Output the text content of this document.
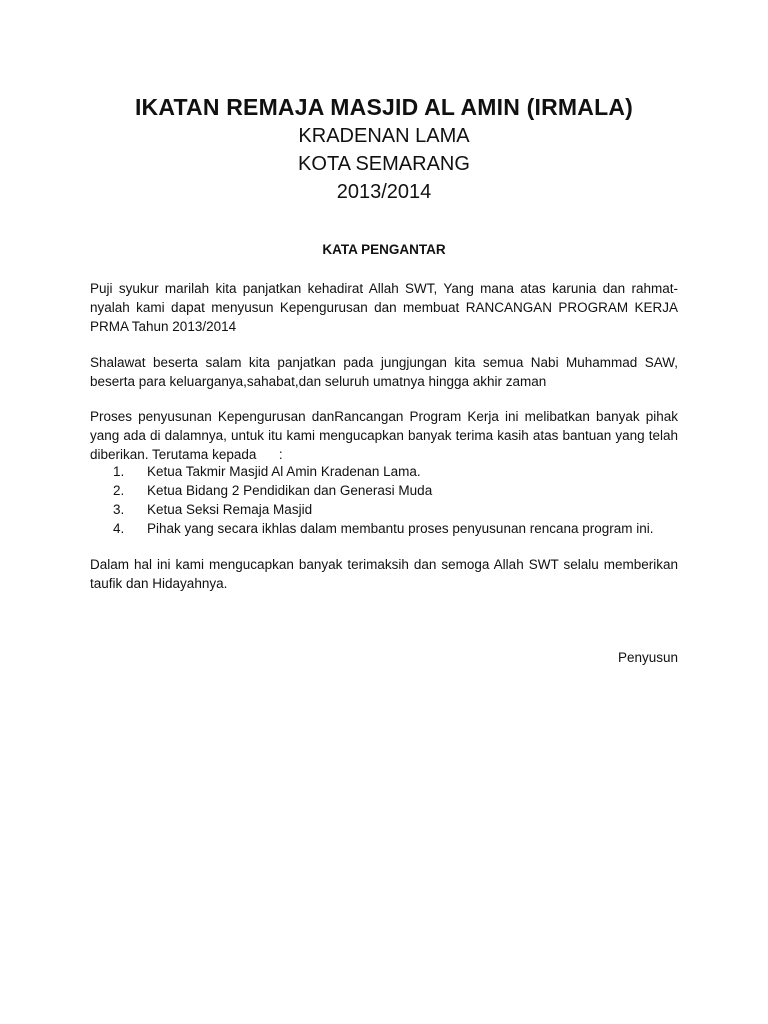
IKATAN REMAJA MASJID AL AMIN (IRMALA)
KRADENAN LAMA
KOTA SEMARANG
2013/2014
KATA PENGANTAR
Puji syukur marilah kita panjatkan kehadirat Allah SWT, Yang mana atas karunia dan rahmat-nyalah kami dapat menyusun Kepengurusan dan membuat RANCANGAN PROGRAM KERJA PRMA Tahun 2013/2014
Shalawat beserta salam kita panjatkan pada jungjungan kita semua Nabi Muhammad SAW, beserta para keluarganya,sahabat,dan seluruh umatnya hingga akhir zaman
Proses penyusunan Kepengurusan danRancangan Program Kerja ini melibatkan banyak pihak yang ada di dalamnya, untuk itu kami mengucapkan banyak terima kasih atas bantuan yang telah diberikan. Terutama kepada      :
1. Ketua Takmir Masjid Al Amin Kradenan Lama.
2. Ketua Bidang 2 Pendidikan dan Generasi Muda
3. Ketua Seksi Remaja Masjid
4. Pihak yang secara ikhlas dalam membantu proses penyusunan rencana program ini.
Dalam hal ini kami mengucapkan banyak terimaksih dan semoga Allah SWT selalu memberikan taufik dan Hidayahnya.
Penyusun
